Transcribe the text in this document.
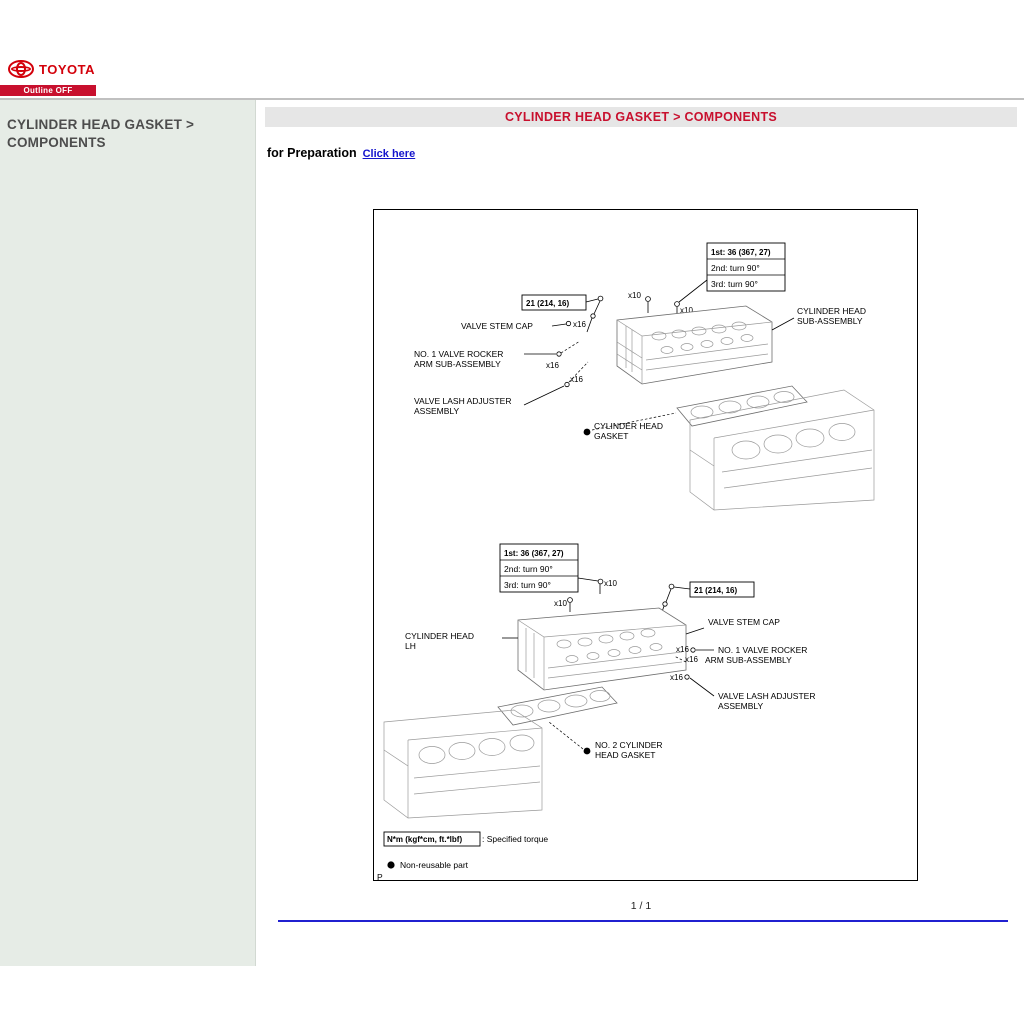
TOYOTA
Outline OFF
CYLINDER HEAD GASKET > COMPONENTS
CYLINDER HEAD GASKET > COMPONENTS
for Preparation Click here
1st: 36 (367, 27)
2nd: turn 90°
3rd: turn 90°
21 (214, 16)
x10
x10
CYLINDER HEAD
SUB-ASSEMBLY
VALVE STEM CAP	x16
NO. 1 VALVE ROCKER
ARM SUB-ASSEMBLY	x16
x16
VALVE LASH ADJUSTER
ASSEMBLY
CYLINDER HEAD
GASKET
1st: 36 (367, 27)
2nd: turn 90°
3rd: turn 90°
21 (214, 16)
x10
x10
CYLINDER HEAD
LH
VALVE STEM CAP
x16	NO. 1 VALVE ROCKER
ARM SUB-ASSEMBLY
x16
x16
VALVE LASH ADJUSTER
ASSEMBLY
NO. 2 CYLINDER
HEAD GASKET
N*m (kgf*cm, ft.*lbf) : Specified torque
Non-reusable part
P
1 / 1
